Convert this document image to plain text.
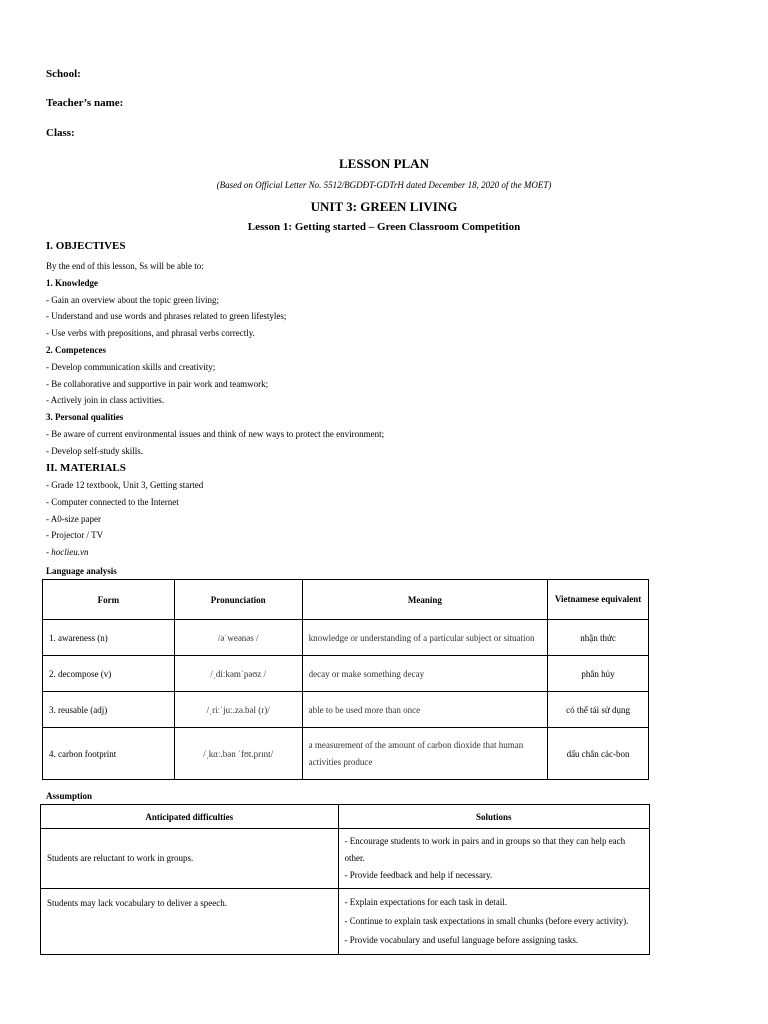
School:
Teacher’s name:
Class:
LESSON PLAN
(Based on Official Letter No. 5512/BGDĐT-GDTrH dated December 18, 2020 of the MOET)
UNIT 3: GREEN LIVING
Lesson 1: Getting started – Green Classroom Competition
I. OBJECTIVES
By the end of this lesson, Ss will be able to:
1. Knowledge
- Gain an overview about the topic green living;
- Understand and use words and phrases related to green lifestyles;
- Use verbs with prepositions, and phrasal verbs correctly.
2. Competences
- Develop communication skills and creativity;
- Be collaborative and supportive in pair work and teamwork;
- Actively join in class activities.
3. Personal qualities
- Be aware of current environmental issues and think of new ways to protect the environment;
- Develop self-study skills.
II. MATERIALS
- Grade 12 textbook, Unit 3, Getting started
- Computer connected to the Internet
- A0-size paper
- Projector / TV
- hoclieu.vn
Language analysis
Form	Pronunciation	Meaning	Vietnamese equivalent
1. awareness (n)	/əˈweənəs /	knowledge or understanding of a particular subject or situation	nhận thức
2. decompose (v)	/ˌdiːkəmˈpəʊz /	decay or make something decay	phân hủy
3. reusable (adj)	/ˌriːˈjuː.zə.bəl (r)/	able to be used more than once	có thể tái sử dụng
4. carbon footprint	/ˌkɑː.bən ˈfʊt.prɪnt/	a measurement of the amount of carbon dioxide that human activities produce	dấu chân các-bon
Assumption
Anticipated difficulties	Solutions
Students are reluctant to work in groups.	- Encourage students to work in pairs and in groups so that they can help each other.
- Provide feedback and help if necessary.

Students may lack vocabulary to deliver a speech.	- Explain expectations for each task in detail.
- Continue to explain task expectations in small chunks (before every activity).
- Provide vocabulary and useful language before assigning tasks.
